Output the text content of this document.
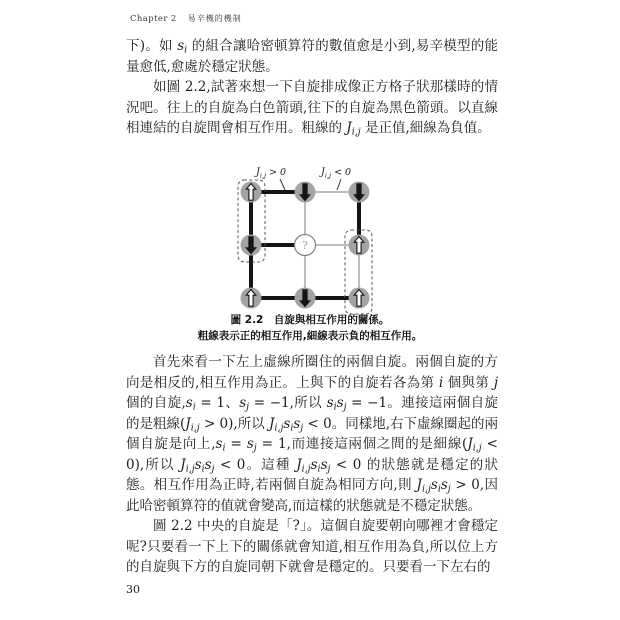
Chapter 2 易辛機的機制
下)。如 $s_i$ 的組合讓哈密頓算符的數值愈是小到,易辛模型的能量愈低,愈處於穩定狀態。
如圖 2.2,試著來想一下自旋排成像正方格子狀那樣時的情況吧。往上的自旋為白色箭頭,往下的自旋為黑色箭頭。以直線相連結的自旋間會相互作用。粗線的 $J_{i,j}$ 是正值,細線為負值。
?
$J_{i,j} > 0$	$J_{i,j} < 0$
圖 2.2　自旋與相互作用的關係。
粗線表示正的相互作用,細線表示負的相互作用。
首先來看一下左上虛線所圈住的兩個自旋。兩個自旋的方向是相反的,相互作用為正。上與下的自旋若各為第 i 個與第 j 個的自旋$,s_i = 1$、$s_j = -1$,所以 $s_is_j = -1$。連接這兩個自旋的是粗線$(J_{i,j} > 0)$,所以 $J_{i,j}s_is_j < 0$。同樣地,右下虛線圈起的兩個自旋是向上$,s_i = s_j = 1$,而連接這兩個之間的是細線$(J_{i,j} < 0)$,所以 $J_{i,j}s_is_j < 0$。這種 $J_{i,j}s_is_j < 0$ 的狀態就是穩定的狀態。相互作用為正時,若兩個自旋為相同方向,則 $J_{i,j}s_is_j > 0$,因此哈密頓算符的值就會變高,而這樣的狀態就是不穩定狀態。
圖 2.2 中央的自旋是「?」。這個自旋要朝向哪裡才會穩定呢?只要看一下上下的關係就會知道,相互作用為負,所以位上方的自旋與下方的自旋同朝下就會是穩定的。只要看一下左右的
30
